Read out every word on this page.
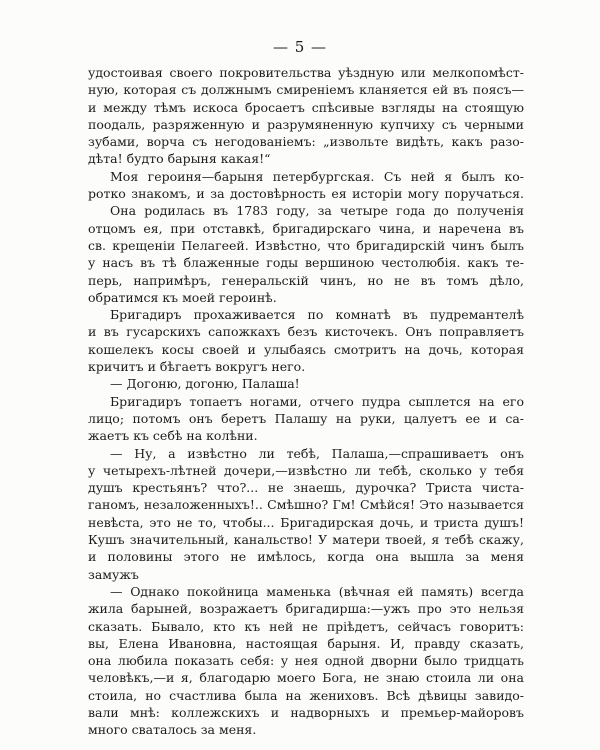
— 5 —
удостоивая своего покровительства уѣздную или мелкопомѣст-
ную, которая съ должнымъ смиреніемъ кланяется ей въ поясъ—
и между тѣмъ искоса бросаетъ спѣсивые взгляды на стоящую
поодаль, разряженную и разрумяненную купчиху съ черными
зубами, ворча съ негодованіемъ: „извольте видѣть, какъ разо-
дѣта! будто барыня какая!“
Моя героиня—барыня петербургская. Съ ней я былъ ко-
ротко знакомъ, и за достовѣрность ея исторіи могу поручаться.
Она родилась въ 1783 году, за четыре года до полученія
отцомъ ея, при отставкѣ, бригадирскаго чина, и наречена въ
св. крещеніи Пелагеей. Извѣстно, что бригадирскій чинъ былъ
у насъ въ тѣ блаженные годы вершиною честолюбія. какъ те-
перь, напримѣръ, генеральскій чинъ, но не въ томъ дѣло,
обратимся къ моей героинѣ.
Бригадиръ прохаживается по комнатѣ въ пудремантелѣ
и въ гусарскихъ сапожкахъ безъ кисточекъ. Онъ поправляетъ
кошелекъ косы своей и улыбаясь смотритъ на дочь, которая
кричитъ и бѣгаетъ вокругъ него.
— Догоню, догоню, Палаша!
Бригадиръ топаетъ ногами, отчего пудра сыплется на его
лицо; потомъ онъ беретъ Палашу на руки, цалуетъ ее и са-
жаетъ къ себѣ на колѣни.
— Ну, а извѣстно ли тебѣ, Палаша,—спрашиваетъ онъ
у четырехъ-лѣтней дочери,—извѣстно ли тебѣ, сколько у тебя
душъ крестьянъ? что?... не знаешь, дурочка? Триста чиста-
ганомъ, незаложенныхъ!.. Смѣшно? Гм! Смѣйся! Это называется
невѣста, это не то, чтобы... Бригадирская дочь, и триста душъ!
Кушъ значительный, канальство! У матери твоей, я тебѣ скажу,
и половины этого не имѣлось, когда она вышла за меня
замужъ
— Однако покойница маменька (вѣчная ей память) всегда
жила барыней, возражаетъ бригадирша:—ужъ про это нельзя
сказать. Бывало, кто къ ней не пріѣдетъ, сейчасъ говоритъ:
вы, Елена Ивановна, настоящая барыня. И, правду сказать,
она любила показать себя: у нея одной дворни было тридцать
человѣкъ,—и я, благодарю моего Бога, не знаю стоила ли она
стоила, но счастлива была на жениховъ. Всѣ дѣвицы завидо-
вали мнѣ: коллежскихъ и надворныхъ и премьер-майоровъ
много сваталось за меня.
